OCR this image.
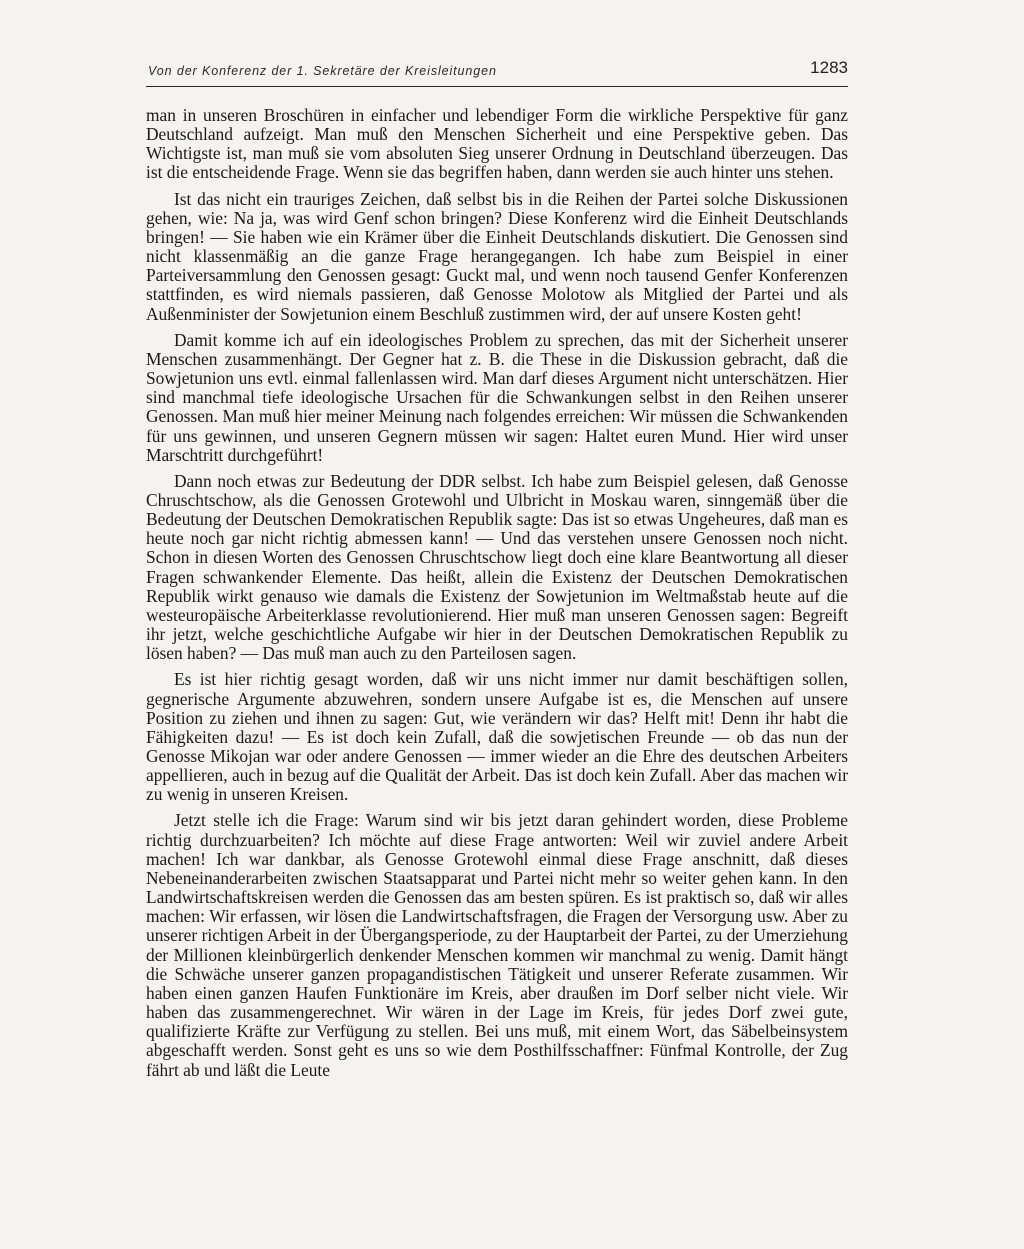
Von der Konferenz der 1. Sekretäre der Kreisleitungen	1283

man in unseren Broschüren in einfacher und lebendiger Form die wirkliche Perspektive für ganz Deutschland aufzeigt. Man muß den Menschen Sicherheit und eine Perspektive geben. Das Wichtigste ist, man muß sie vom absoluten Sieg unserer Ordnung in Deutschland überzeugen. Das ist die entscheidende Frage. Wenn sie das begriffen haben, dann werden sie auch hinter uns stehen.

Ist das nicht ein trauriges Zeichen, daß selbst bis in die Reihen der Partei solche Diskussionen gehen, wie: Na ja, was wird Genf schon bringen? Diese Konferenz wird die Einheit Deutschlands bringen! — Sie haben wie ein Krämer über die Einheit Deutschlands diskutiert. Die Genossen sind nicht klassenmäßig an die ganze Frage herangegangen. Ich habe zum Beispiel in einer Parteiversammlung den Genossen gesagt: Guckt mal, und wenn noch tausend Genfer Konferenzen stattfinden, es wird niemals passieren, daß Genosse Molotow als Mitglied der Partei und als Außenminister der Sowjetunion einem Beschluß zustimmen wird, der auf unsere Kosten geht!

Damit komme ich auf ein ideologisches Problem zu sprechen, das mit der Sicherheit unserer Menschen zusammenhängt. Der Gegner hat z. B. die These in die Diskussion gebracht, daß die Sowjetunion uns evtl. einmal fallenlassen wird. Man darf dieses Argument nicht unterschätzen. Hier sind manchmal tiefe ideologische Ursachen für die Schwankungen selbst in den Reihen unserer Genossen. Man muß hier meiner Meinung nach folgendes erreichen: Wir müssen die Schwankenden für uns gewinnen, und unseren Gegnern müssen wir sagen: Haltet euren Mund. Hier wird unser Marschtritt durchgeführt!

Dann noch etwas zur Bedeutung der DDR selbst. Ich habe zum Beispiel gelesen, daß Genosse Chruschtschow, als die Genossen Grotewohl und Ulbricht in Moskau waren, sinngemäß über die Bedeutung der Deutschen Demokratischen Republik sagte: Das ist so etwas Ungeheures, daß man es heute noch gar nicht richtig abmessen kann! — Und das verstehen unsere Genossen noch nicht. Schon in diesen Worten des Genossen Chruschtschow liegt doch eine klare Beantwortung all dieser Fragen schwankender Elemente. Das heißt, allein die Existenz der Deutschen Demokratischen Republik wirkt genauso wie damals die Existenz der Sowjetunion im Weltmaßstab heute auf die westeuropäische Arbeiterklasse revolutionierend. Hier muß man unseren Genossen sagen: Begreift ihr jetzt, welche geschichtliche Aufgabe wir hier in der Deutschen Demokratischen Republik zu lösen haben? — Das muß man auch zu den Parteilosen sagen.

Es ist hier richtig gesagt worden, daß wir uns nicht immer nur damit beschäftigen sollen, gegnerische Argumente abzuwehren, sondern unsere Aufgabe ist es, die Menschen auf unsere Position zu ziehen und ihnen zu sagen: Gut, wie verändern wir das? Helft mit! Denn ihr habt die Fähigkeiten dazu! — Es ist doch kein Zufall, daß die sowjetischen Freunde — ob das nun der Genosse Mikojan war oder andere Genossen — immer wieder an die Ehre des deutschen Arbeiters appellieren, auch in bezug auf die Qualität der Arbeit. Das ist doch kein Zufall. Aber das machen wir zu wenig in unseren Kreisen.

Jetzt stelle ich die Frage: Warum sind wir bis jetzt daran gehindert worden, diese Probleme richtig durchzuarbeiten? Ich möchte auf diese Frage antworten: Weil wir zuviel andere Arbeit machen! Ich war dankbar, als Genosse Grotewohl einmal diese Frage anschnitt, daß dieses Nebeneinanderarbeiten zwischen Staatsapparat und Partei nicht mehr so weiter gehen kann. In den Landwirtschaftskreisen werden die Genossen das am besten spüren. Es ist praktisch so, daß wir alles machen: Wir erfassen, wir lösen die Landwirtschaftsfragen, die Fragen der Versorgung usw. Aber zu unserer richtigen Arbeit in der Übergangsperiode, zu der Hauptarbeit der Partei, zu der Umerziehung der Millionen kleinbürgerlich denkender Menschen kommen wir manchmal zu wenig. Damit hängt die Schwäche unserer ganzen propagandistischen Tätigkeit und unserer Referate zusammen. Wir haben einen ganzen Haufen Funktionäre im Kreis, aber draußen im Dorf selber nicht viele. Wir haben das zusammengerechnet. Wir wären in der Lage im Kreis, für jedes Dorf zwei gute, qualifizierte Kräfte zur Verfügung zu stellen. Bei uns muß, mit einem Wort, das Säbelbeinsystem abgeschafft werden. Sonst geht es uns so wie dem Posthilfsschaffner: Fünfmal Kontrolle, der Zug fährt ab und läßt die Leute
